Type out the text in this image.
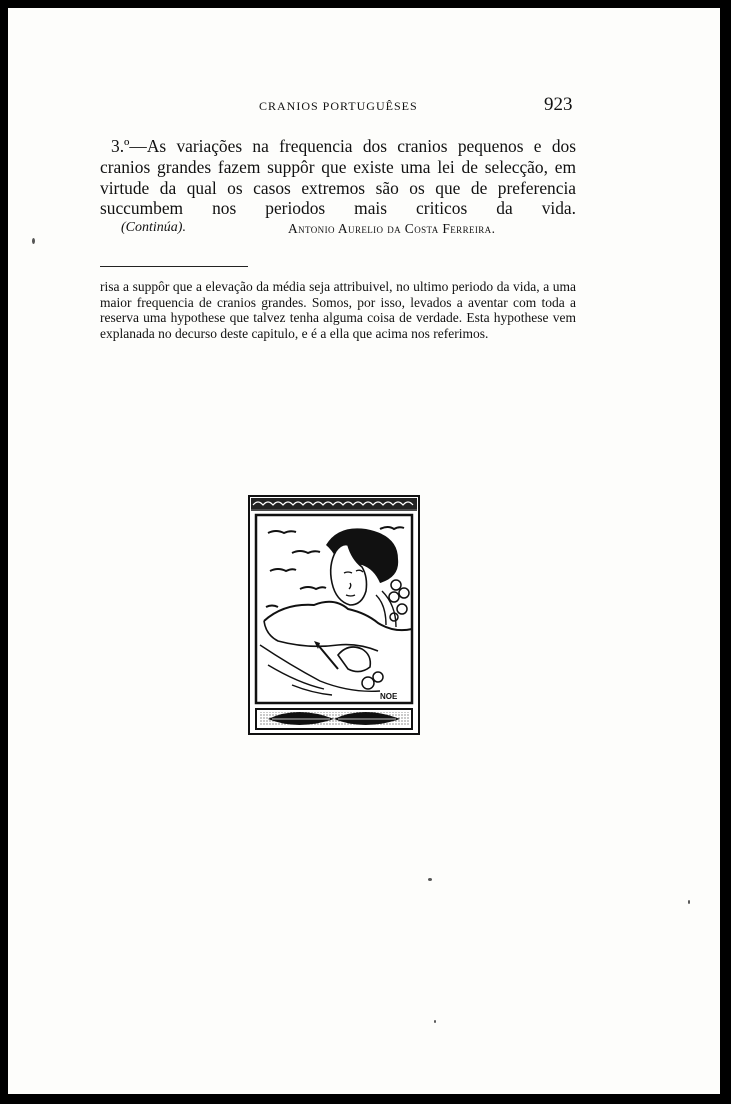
CRANIOS PORTUGUÊSES	923

3.º—As variações na frequencia dos cranios pequenos e dos cranios grandes fazem suppôr que existe uma lei de selecção, em virtude da qual os casos extremos são os que de preferencia succumbem nos periodos mais criticos da vida.

(Continúa).	Antonio Aurelio da Costa Ferreira.

risa a suppôr que a elevação da média seja attribuivel, no ultimo periodo da vida, a uma maior frequencia de cranios grandes. Somos, por isso, levados a aventar com toda a reserva uma hypothese que talvez tenha alguma coisa de verdade. Esta hypothese vem explanada no decurso deste capitulo, e é a ella que acima nos referimos.

NOE
